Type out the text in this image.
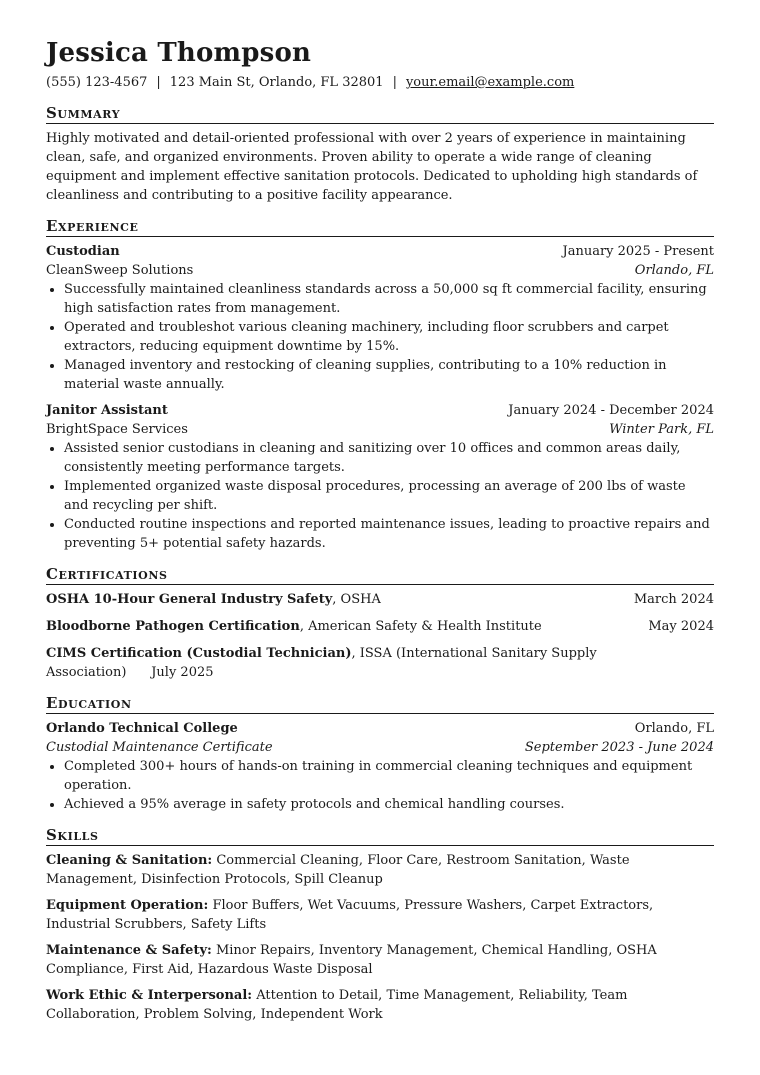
Jessica Thompson
(555) 123-4567 | 123 Main St, Orlando, FL 32801 | your.email@example.com
Summary

Highly motivated and detail-oriented professional with over 2 years of experience in maintaining clean, safe, and organized environments. Proven ability to operate a wide range of cleaning equipment and implement effective sanitation protocols. Dedicated to upholding high standards of cleanliness and contributing to a positive facility appearance.

Experience
Custodian	January 2025 - Present
CleanSweep Solutions	Orlando, FL
• Successfully maintained cleanliness standards across a 50,000 sq ft commercial facility, ensuring high satisfaction rates from management.
• Operated and troubleshot various cleaning machinery, including floor scrubbers and carpet extractors, reducing equipment downtime by 15%.
• Managed inventory and restocking of cleaning supplies, contributing to a 10% reduction in material waste annually.
Janitor Assistant	January 2024 - December 2024
BrightSpace Services	Winter Park, FL
• Assisted senior custodians in cleaning and sanitizing over 10 offices and common areas daily, consistently meeting performance targets.
• Implemented organized waste disposal procedures, processing an average of 200 lbs of waste and recycling per shift.
• Conducted routine inspections and reported maintenance issues, leading to proactive repairs and preventing 5+ potential safety hazards.
Certifications
OSHA 10-Hour General Industry Safety, OSHA	March 2024
Bloodborne Pathogen Certification, American Safety & Health Institute	May 2024
CIMS Certification (Custodial Technician), ISSA (International Sanitary Supply Association) July 2025
Education
Orlando Technical College	Orlando, FL
Custodial Maintenance Certificate	September 2023 - June 2024
• Completed 300+ hours of hands-on training in commercial cleaning techniques and equipment operation.
• Achieved a 95% average in safety protocols and chemical handling courses.
Skills
Cleaning & Sanitation: Commercial Cleaning, Floor Care, Restroom Sanitation, Waste Management, Disinfection Protocols, Spill Cleanup
Equipment Operation: Floor Buffers, Wet Vacuums, Pressure Washers, Carpet Extractors, Industrial Scrubbers, Safety Lifts
Maintenance & Safety: Minor Repairs, Inventory Management, Chemical Handling, OSHA Compliance, First Aid, Hazardous Waste Disposal
Work Ethic & Interpersonal: Attention to Detail, Time Management, Reliability, Team Collaboration, Problem Solving, Independent Work
